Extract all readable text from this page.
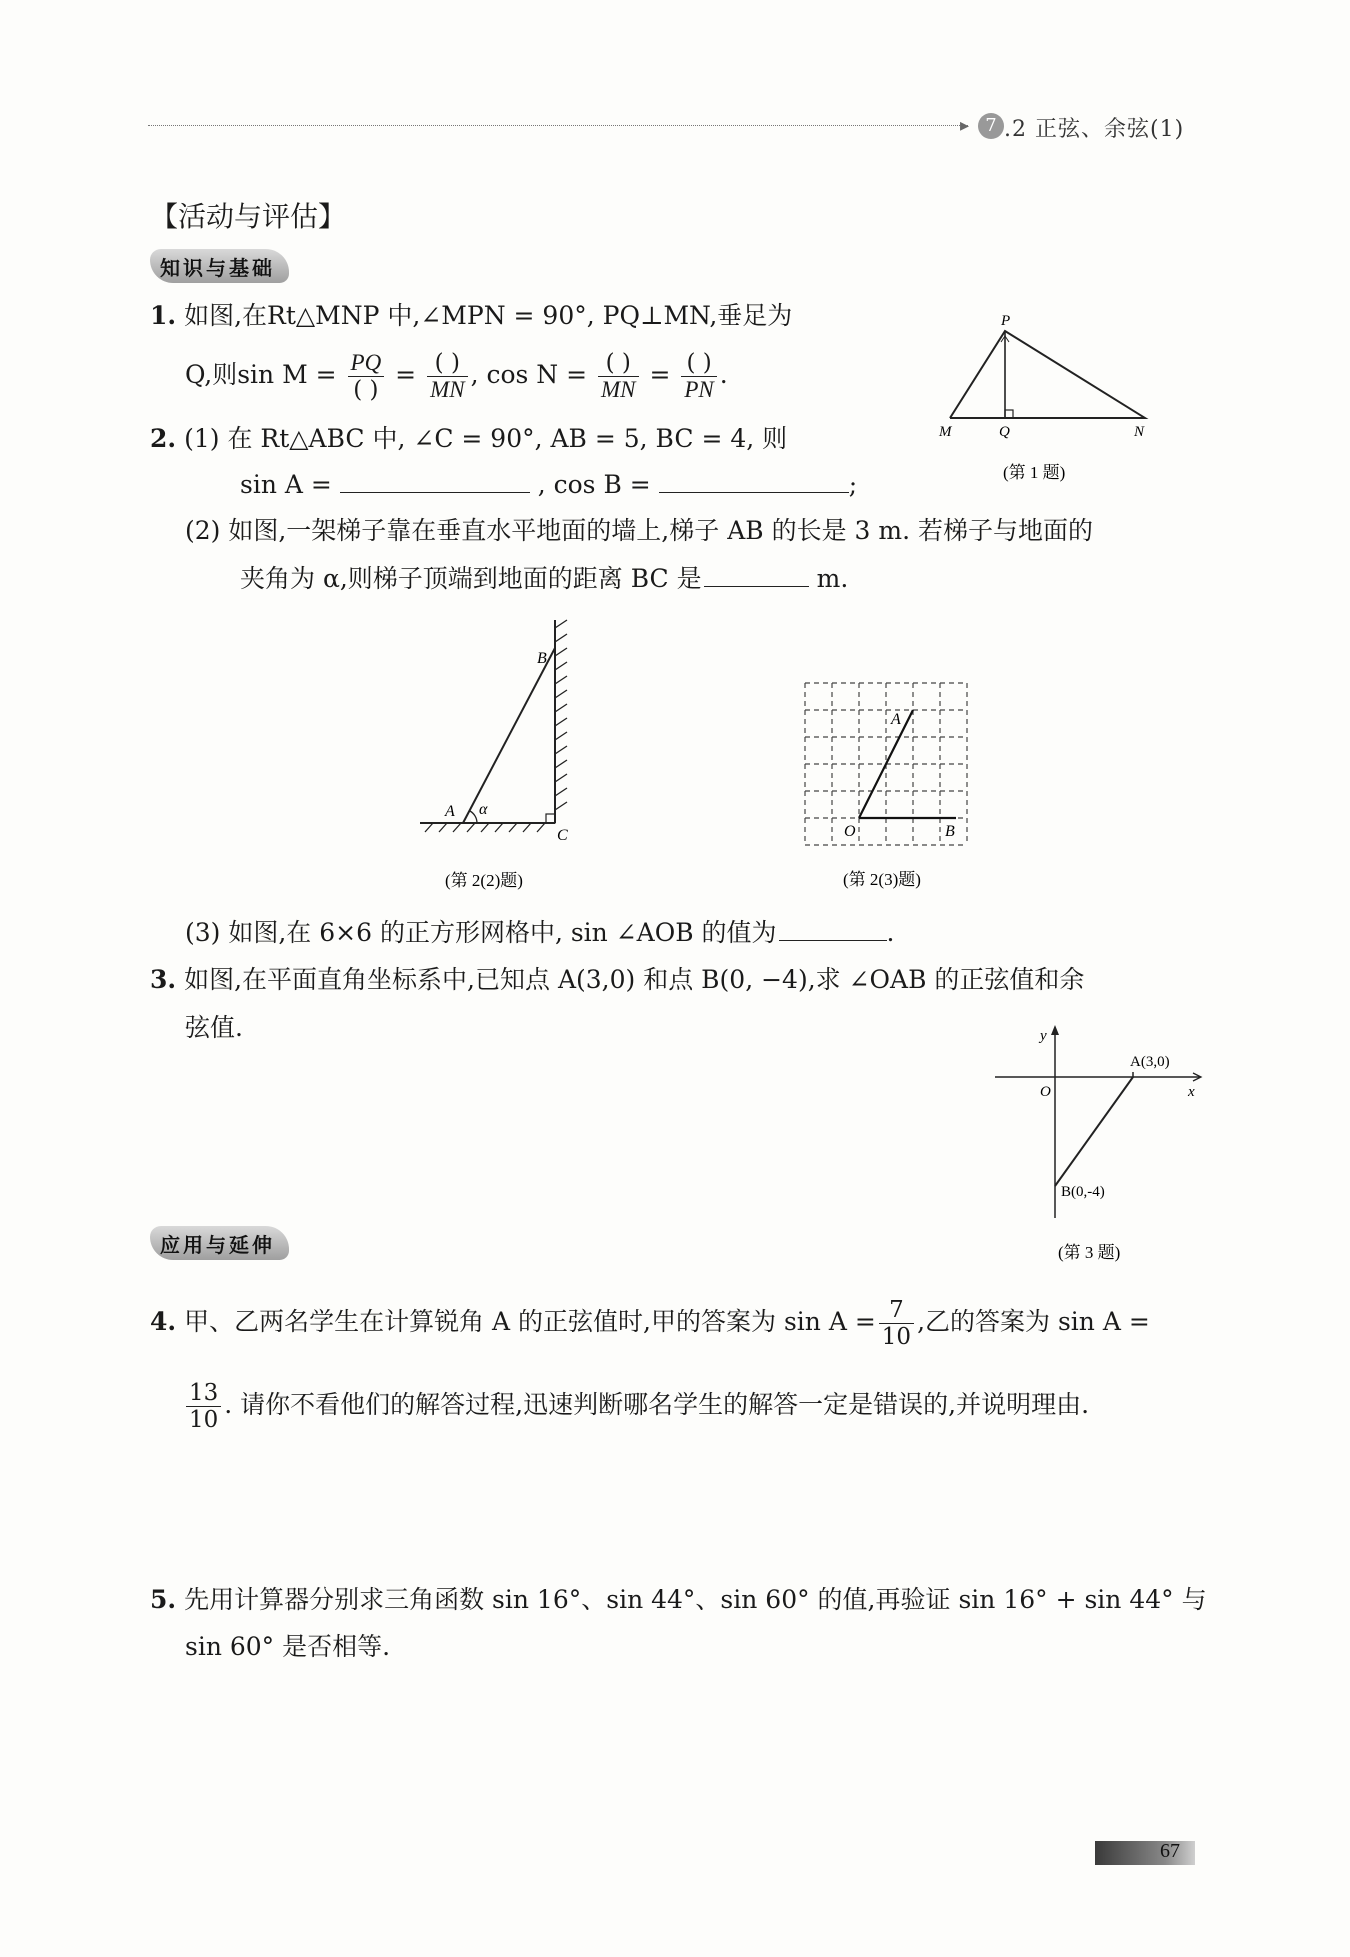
▸ 7 .2 正弦、余弦(1)
【活动与评估】
知识与基础
1. 如图,在Rt△MNP 中,∠MPN = 90°, PQ⊥MN,垂足为
Q,则$\sin M = \frac{PQ}{( )} = \frac{( )}{MN}$ , $\cos N = \frac{( )}{MN} = \frac{( )}{PN}$ .
P
M	Q	N
(第 1 题)
2. (1) 在 Rt△ABC 中, ∠C = 90°, AB = 5, BC = 4, 则
sin A =	, cos B =	;
(2) 如图,一架梯子靠在垂直水平地面的墙上,梯子 AB 的长是 3 m. 若梯子与地面的
夹角为 α,则梯子顶端到地面的距离 BC 是	m.
B
A α
C
(第 2(2)题)
A
O	B
(第 2(3)题)
(3) 如图,在 6×6 的正方形网格中, sin ∠AOB 的值为	.
3. 如图,在平面直角坐标系中,已知点 A(3,0) 和点 B(0, −4),求 ∠OAB 的正弦值和余
弦值.	y
x
O
A(3,0)
B(0,-4)
(第 3 题)
应用与延伸
4. 甲、乙两名学生在计算锐角 A 的正弦值时,甲的答案为 $\sin A = \frac{7}{10}$ ,乙的答案为 sin A =
$\frac{13}{10}$ . 请你不看他们的解答过程,迅速判断哪名学生的解答一定是错误的,并说明理由.
5. 先用计算器分别求三角函数 sin 16°、sin 44°、sin 60° 的值,再验证 sin 16° + sin 44° 与
sin 60° 是否相等.
67
